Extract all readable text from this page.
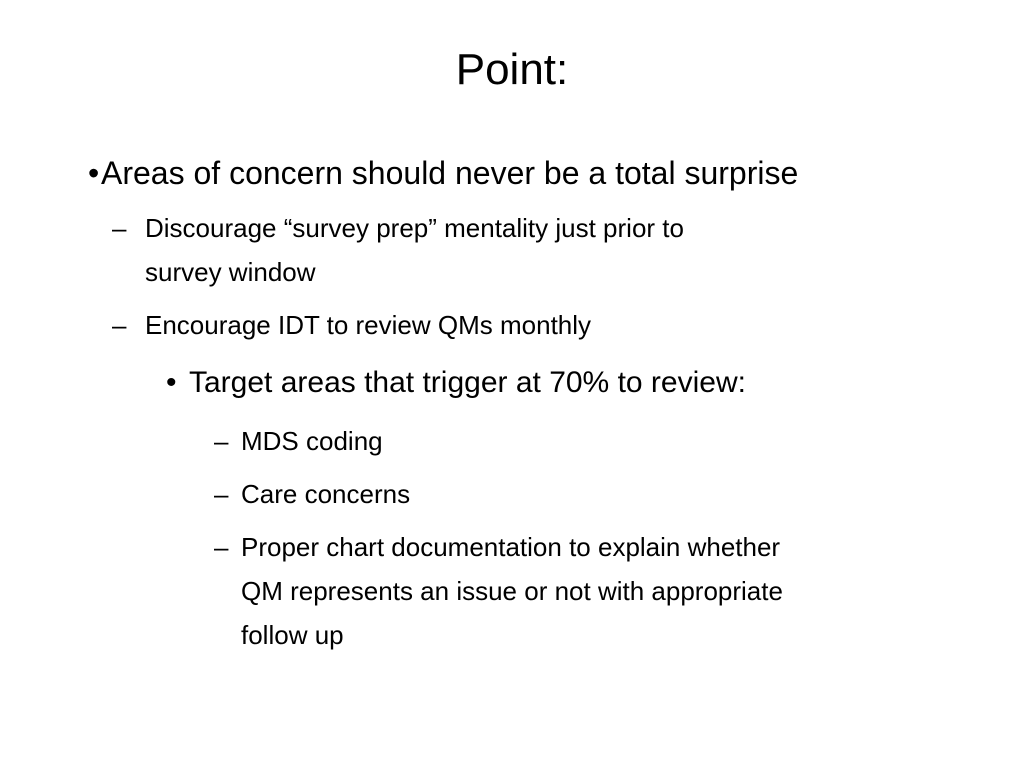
Point:
• Areas of concern should never be a total surprise
– Discourage “survey prep” mentality just prior to
survey window
– Encourage IDT to review QMs monthly
• Target areas that trigger at 70% to review:
– MDS coding
– Care concerns
– Proper chart documentation to explain whether
QM represents an issue or not with appropriate
follow up
